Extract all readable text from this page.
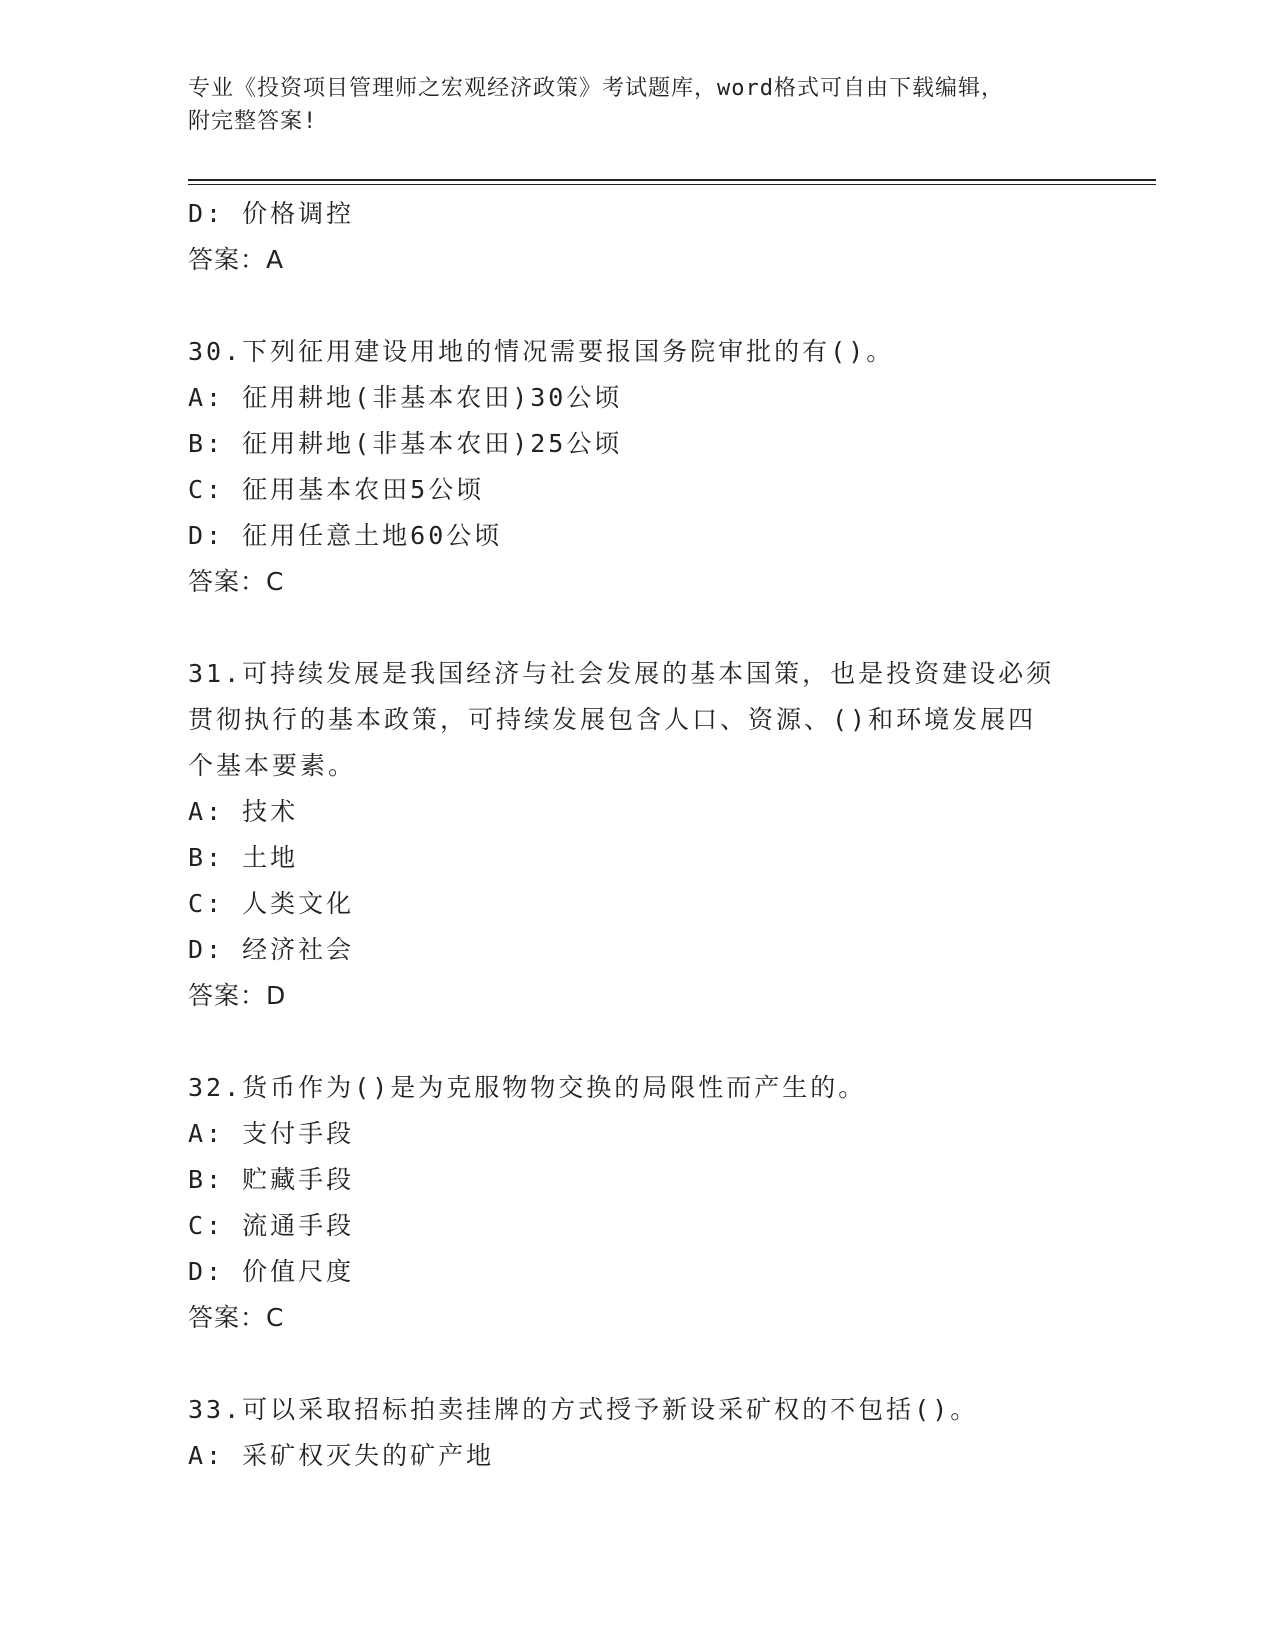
专业《投资项目管理师之宏观经济政策》考试题库，word格式可自由下载编辑，
附完整答案!
D: 价格调控
答案：A
30.下列征用建设用地的情况需要报国务院审批的有()。
A: 征用耕地(非基本农田)30公顷
B: 征用耕地(非基本农田)25公顷
C: 征用基本农田5公顷
D: 征用任意土地60公顷
答案：C
31.可持续发展是我国经济与社会发展的基本国策，也是投资建设必须
贯彻执行的基本政策，可持续发展包含人口、资源、()和环境发展四
个基本要素。
A: 技术
B: 土地
C: 人类文化
D: 经济社会
答案：D
32.货币作为()是为克服物物交换的局限性而产生的。
A: 支付手段
B: 贮藏手段
C: 流通手段
D: 价值尺度
答案：C
33.可以采取招标拍卖挂牌的方式授予新设采矿权的不包括()。
A: 采矿权灭失的矿产地
